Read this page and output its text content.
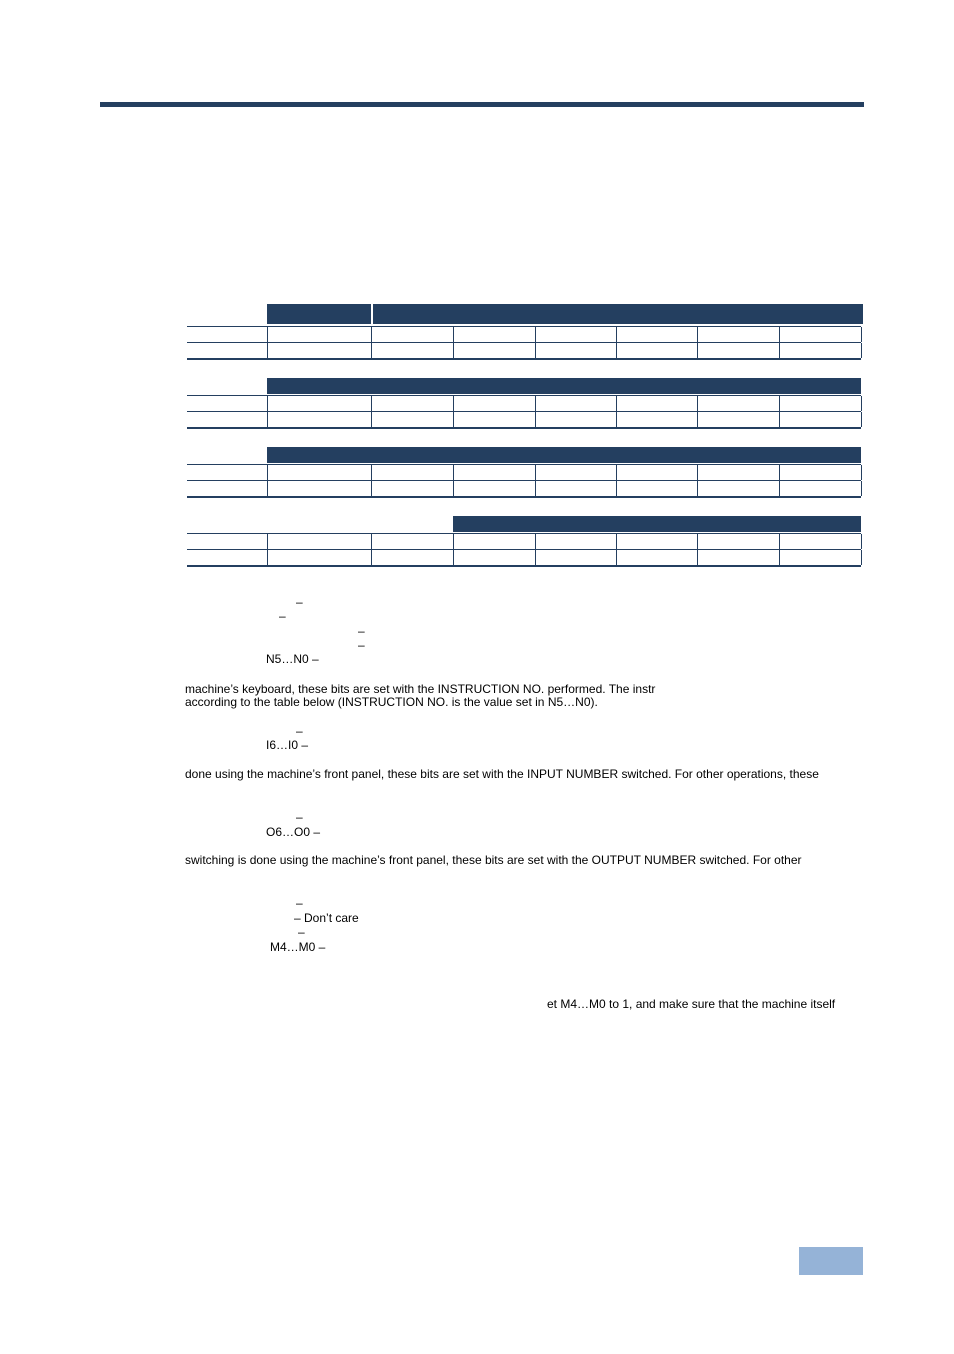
–
–
–
–
N5…N0 –
machine’s keyboard, these bits are set with the INSTRUCTION NO. performed. The instr
according to the table below (INSTRUCTION NO. is the value set in N5…N0).
–
I6…I0 –
done using the machine’s front panel, these bits are set with the INPUT NUMBER switched. For other operations, these
–
O6…O0 –
switching is done using the machine’s front panel, these bits are set with the OUTPUT NUMBER switched. For other
–
– Don’t care
–
M4…M0 –
et M4…M0 to 1, and make sure that the machine itself
